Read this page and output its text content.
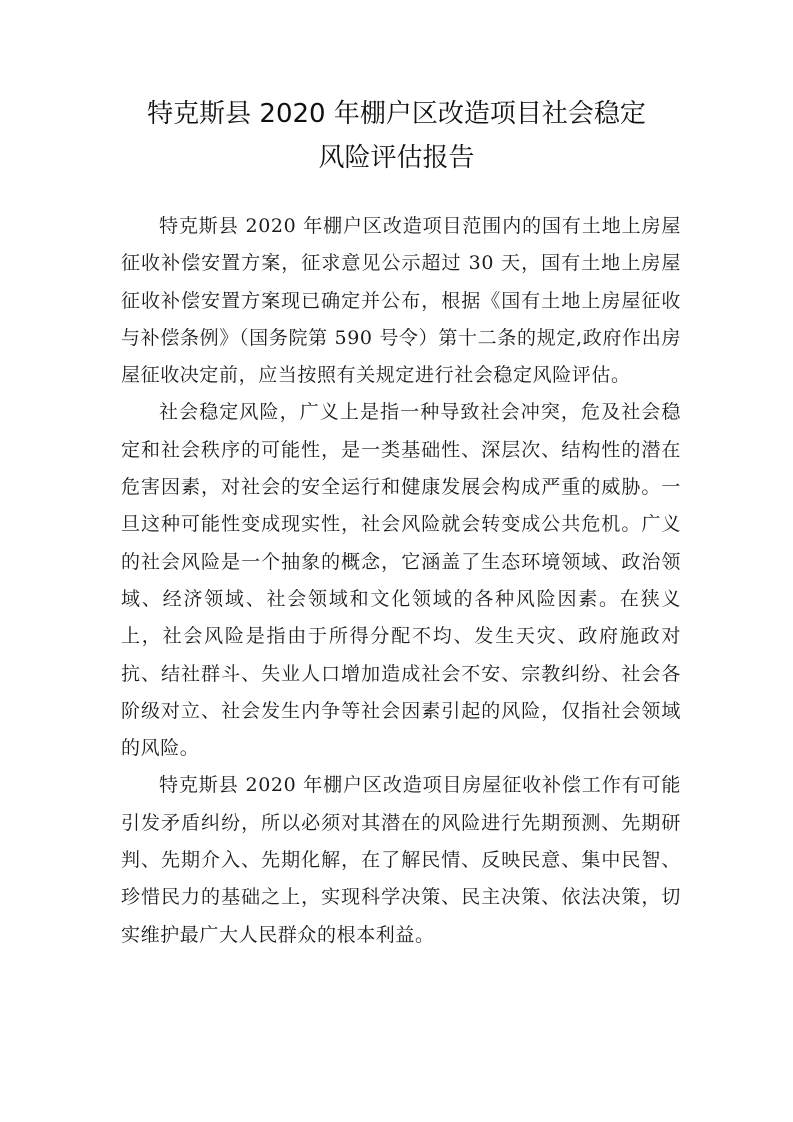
特克斯县 2020 年棚户区改造项目社会稳定
风险评估报告

特克斯县 2020 年棚户区改造项目范围内的国有土地上房屋征收补偿安置方案，征求意见公示超过 30 天，国有土地上房屋征收补偿安置方案现已确定并公布，根据《国有土地上房屋征收与补偿条例》（国务院第 590 号令）第十二条的规定,政府作出房屋征收决定前，应当按照有关规定进行社会稳定风险评估。

社会稳定风险，广义上是指一种导致社会冲突，危及社会稳定和社会秩序的可能性，是一类基础性、深层次、结构性的潜在危害因素，对社会的安全运行和健康发展会构成严重的威胁。一旦这种可能性变成现实性，社会风险就会转变成公共危机。广义的社会风险是一个抽象的概念，它涵盖了生态环境领域、政治领域、经济领域、社会领域和文化领域的各种风险因素。在狭义上，社会风险是指由于所得分配不均、发生天灾、政府施政对抗、结社群斗、失业人口增加造成社会不安、宗教纠纷、社会各阶级对立、社会发生内争等社会因素引起的风险，仅指社会领域的风险。

特克斯县 2020 年棚户区改造项目房屋征收补偿工作有可能引发矛盾纠纷，所以必须对其潜在的风险进行先期预测、先期研判、先期介入、先期化解，在了解民情、反映民意、集中民智、珍惜民力的基础之上，实现科学决策、民主决策、依法决策，切实维护最广大人民群众的根本利益。
